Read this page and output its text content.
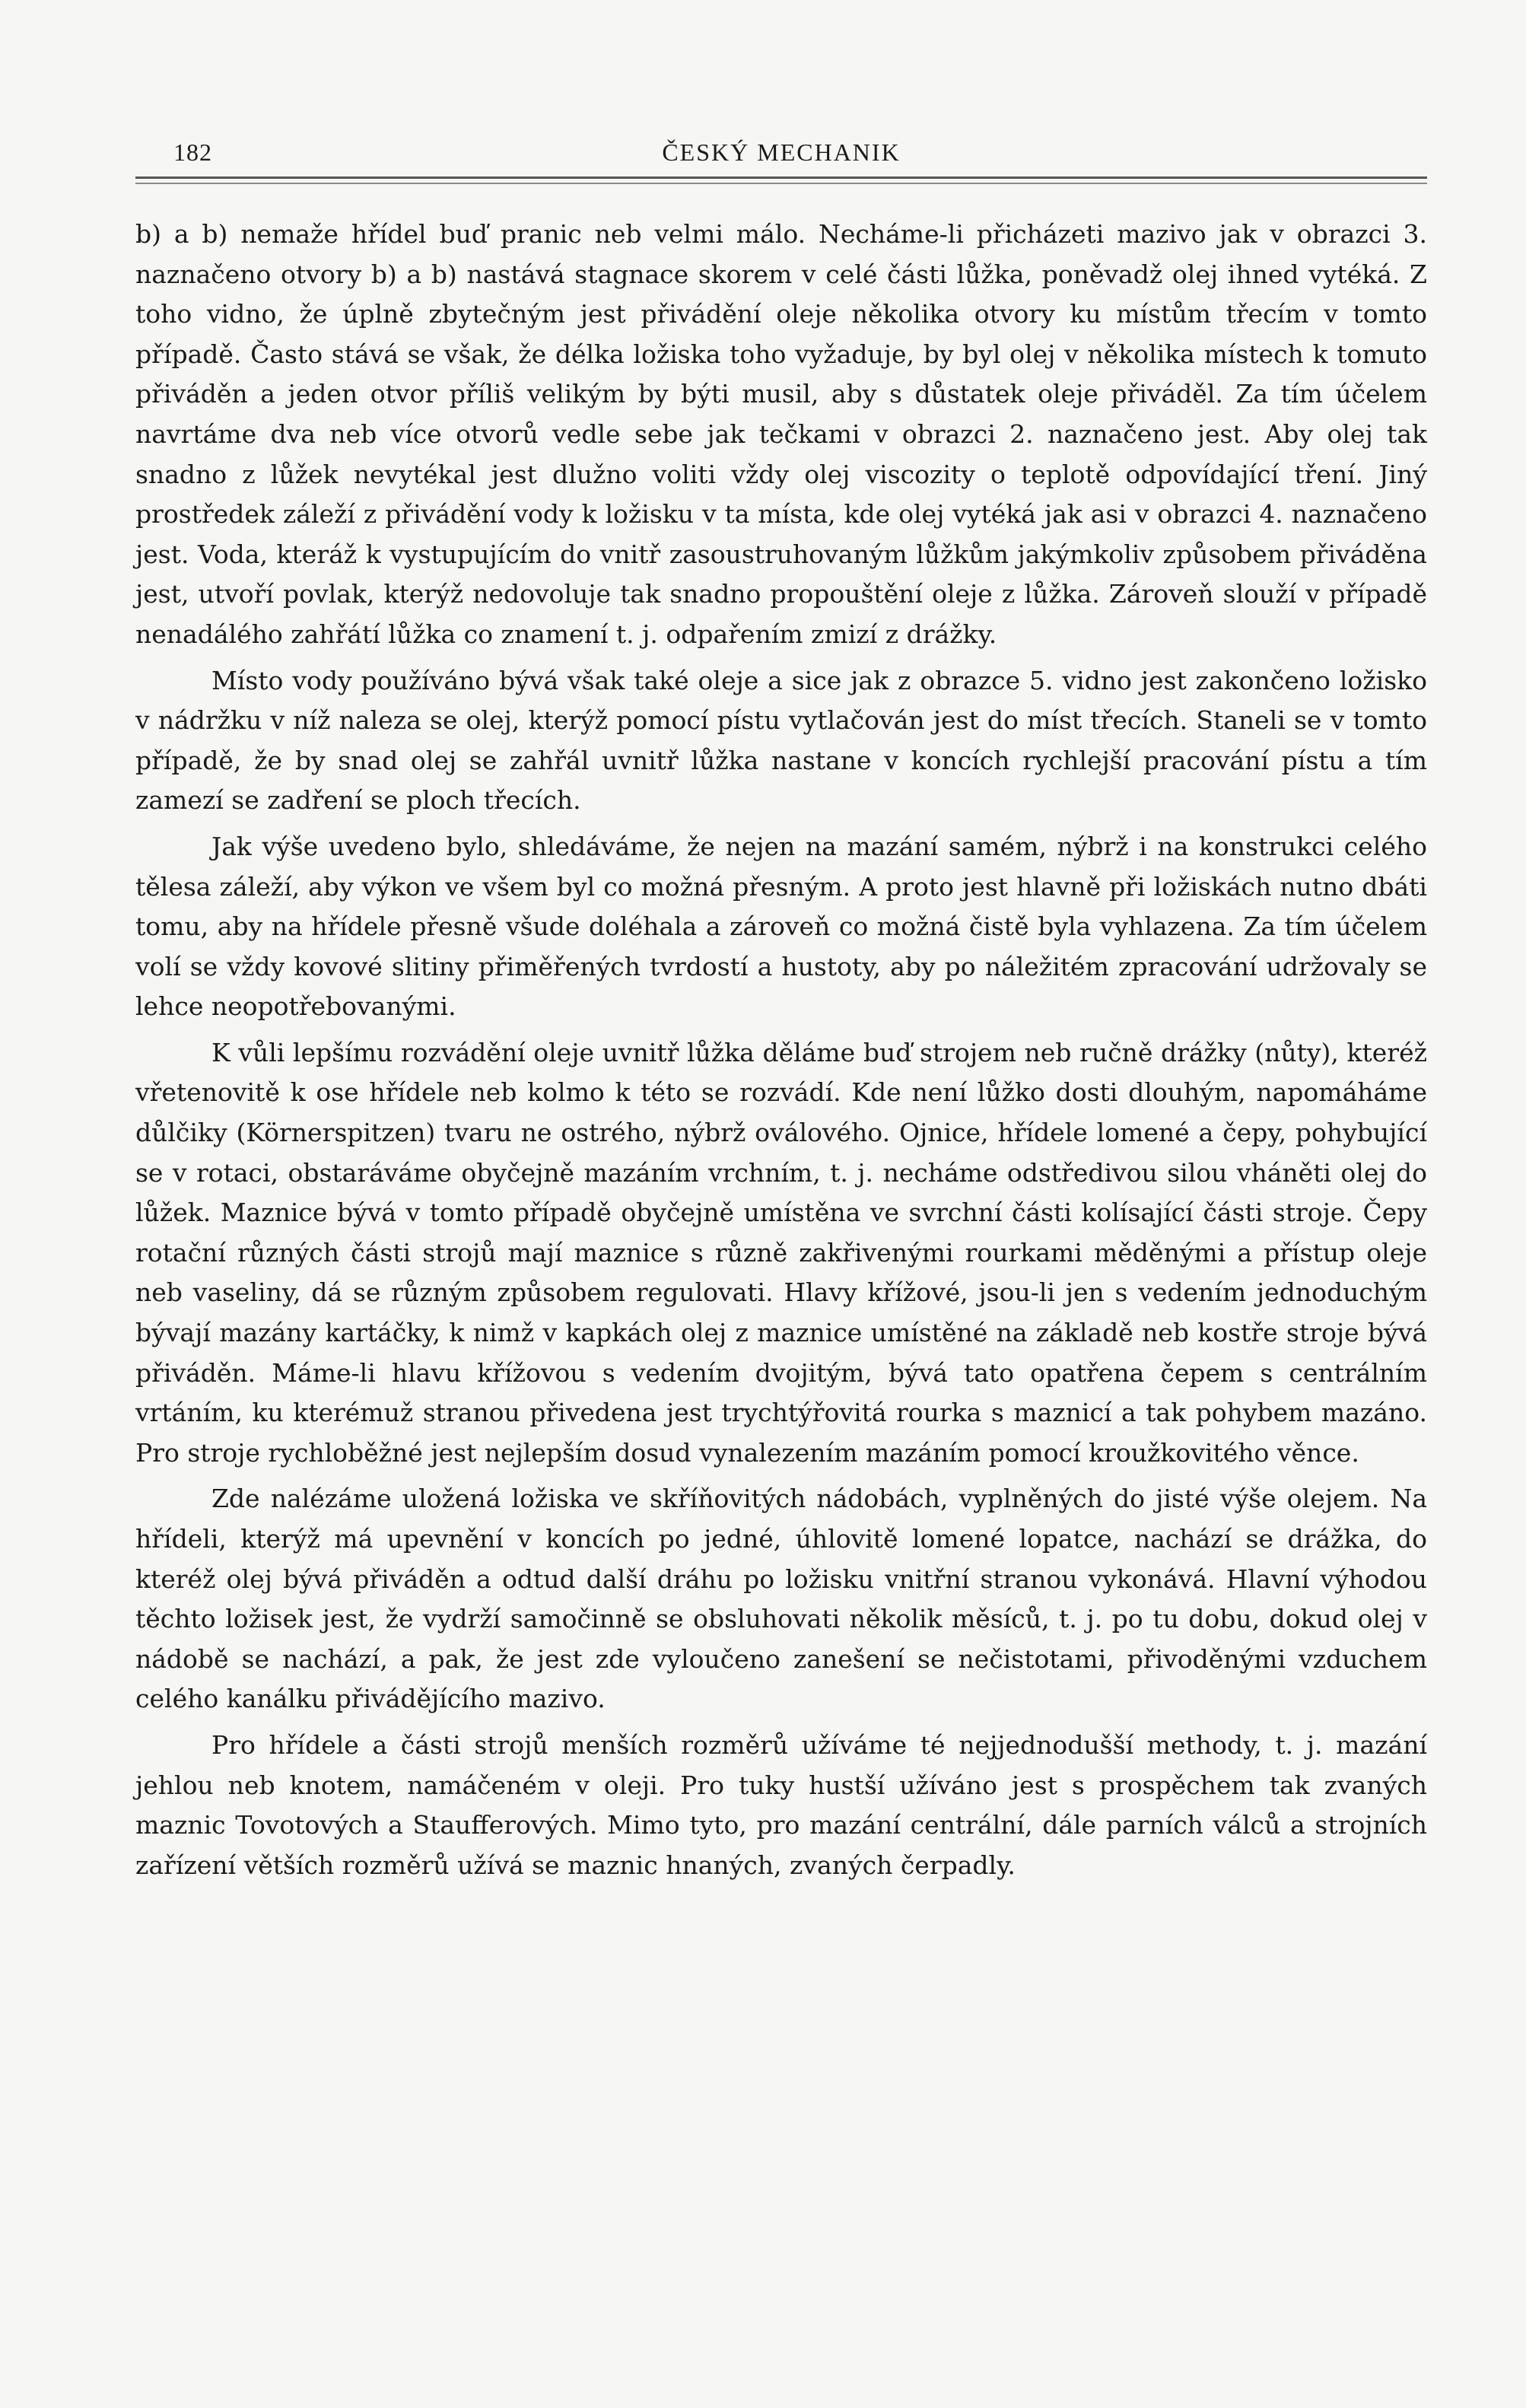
182	ČESKÝ MECHANIK

b) a b) nemaže hřídel buď pranic neb velmi málo. Necháme-li přicházeti mazivo jak v obrazci 3. naznačeno otvory b) a b) nastává stagnace skorem v celé části lůžka, poněvadž olej ihned vytéká. Z toho vidno, že úplně zbytečným jest přivádění oleje několika otvory ku místům třecím v tomto případě. Často stává se však, že délka ložiska toho vyžaduje, by byl olej v několika místech k tomuto přiváděn a jeden otvor příliš velikým by býti musil, aby s důstatek oleje přiváděl. Za tím účelem navrtáme dva neb více otvorů vedle sebe jak tečkami v obrazci 2. naznačeno jest. Aby olej tak snadno z lůžek nevytékal jest dlužno voliti vždy olej viscozity o teplotě odpovídající tření. Jiný prostředek záleží z přivádění vody k ložisku v ta místa, kde olej vytéká jak asi v obrazci 4. naznačeno jest. Voda, kteráž k vystupujícím do vnitř zasoustruhovaným lůžkům jakýmkoliv způsobem přiváděna jest, utvoří povlak, kterýž nedovoluje tak snadno propouštění oleje z lůžka. Zároveň slouží v případě nenadálého zahřátí lůžka co znamení t. j. odpařením zmizí z drážky.

Místo vody používáno bývá však také oleje a sice jak z obrazce 5. vidno jest zakončeno ložisko v nádržku v níž naleza se olej, kterýž pomocí pístu vytlačován jest do míst třecích. Staneli se v tomto případě, že by snad olej se zahřál uvnitř lůžka nastane v koncích rychlejší pracování pístu a tím zamezí se zadření se ploch třecích.

Jak výše uvedeno bylo, shledáváme, že nejen na mazání samém, nýbrž i na konstrukci celého tělesa záleží, aby výkon ve všem byl co možná přesným. A proto jest hlavně při ložiskách nutno dbáti tomu, aby na hřídele přesně všude doléhala a zároveň co možná čistě byla vyhlazena. Za tím účelem volí se vždy kovové slitiny přiměřených tvrdostí a hustoty, aby po náležitém zpracování udržovaly se lehce neopotřebovanými.

K vůli lepšímu rozvádění oleje uvnitř lůžka děláme buď strojem neb ručně drážky (nůty), kteréž vřetenovitě k ose hřídele neb kolmo k této se rozvádí. Kde není lůžko dosti dlouhým, napomáháme důlčiky (Körnerspitzen) tvaru ne ostrého, nýbrž oválového. Ojnice, hřídele lomené a čepy, pohybující se v rotaci, obstaráváme obyčejně mazáním vrchním, t. j. necháme odstředivou silou vháněti olej do lůžek. Maznice bývá v tomto případě obyčejně umístěna ve svrchní části kolísající části stroje. Čepy rotační různých části strojů mají maznice s různě zakřivenými rourkami měděnými a přístup oleje neb vaseliny, dá se různým způsobem regulovati. Hlavy křížové, jsou-li jen s vedením jednoduchým bývají mazány kartáčky, k nimž v kapkách olej z maznice umístěné na základě neb kostře stroje bývá přiváděn. Máme-li hlavu křížovou s vedením dvojitým, bývá tato opatřena čepem s centrálním vrtáním, ku kterémuž stranou přivedena jest trychtýřovitá rourka s maznicí a tak pohybem mazáno. Pro stroje rychloběžné jest nejlepším dosud vynalezením mazáním pomocí kroužkovitého věnce.

Zde nalézáme uložená ložiska ve skříňovitých nádobách, vyplněných do jisté výše olejem. Na hřídeli, kterýž má upevnění v koncích po jedné, úhlovitě lomené lopatce, nachází se drážka, do kteréž olej bývá přiváděn a odtud další dráhu po ložisku vnitřní stranou vykonává. Hlavní výhodou těchto ložisek jest, že vydrží samočinně se obsluhovati několik měsíců, t. j. po tu dobu, dokud olej v nádobě se nachází, a pak, že jest zde vyloučeno zanešení se nečistotami, přivoděnými vzduchem celého kanálku přivádějícího mazivo.

Pro hřídele a části strojů menších rozměrů užíváme té nejjednodušší methody, t. j. mazání jehlou neb knotem, namáčeném v oleji. Pro tuky hustší užíváno jest s prospěchem tak zvaných maznic Tovotových a Staufferových. Mimo tyto, pro mazání centrální, dále parních válců a strojních zařízení větších rozměrů užívá se maznic hnaných, zvaných čerpadly.
